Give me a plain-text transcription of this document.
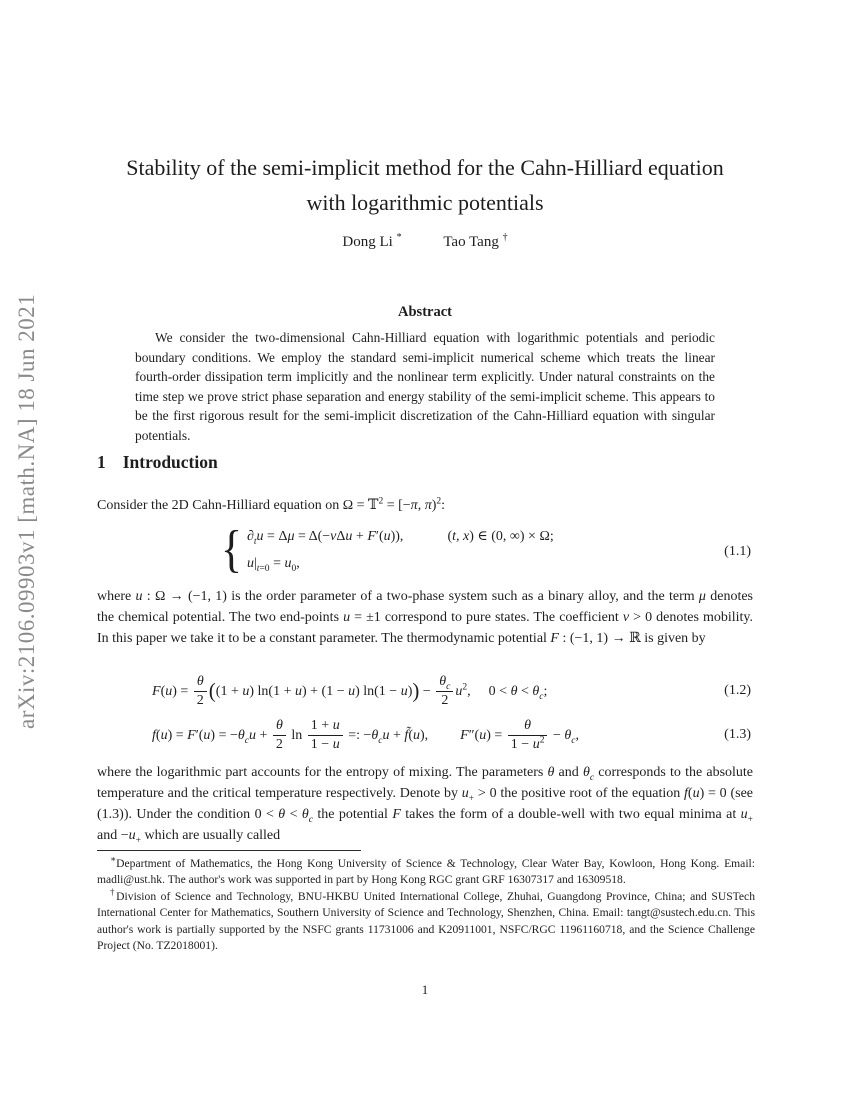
arXiv:2106.09903v1 [math.NA] 18 Jun 2021
Stability of the semi-implicit method for the Cahn-Hilliard equation
with logarithmic potentials
Dong Li *	Tao Tang †
Abstract
We consider the two-dimensional Cahn-Hilliard equation with logarithmic potentials and periodic boundary conditions. We employ the standard semi-implicit numerical scheme which treats the linear fourth-order dissipation term implicitly and the nonlinear term explicitly. Under natural constraints on the time step we prove strict phase separation and energy stability of the semi-implicit scheme. This appears to be the first rigorous result for the semi-implicit discretization of the Cahn-Hilliard equation with singular potentials.
1 Introduction
Consider the 2D Cahn-Hilliard equation on Ω = 𝕋$^2$ = [−π, π)$^2$:
{ $\partial_tu = \Delta\mu = \Delta(-\nu\Delta u + F'(u))$,	(t, x) ∈ (0, ∞) × Ω;
$u|_{t=0} = u_0$,
(1.1)
where u : Ω → (−1, 1) is the order parameter of a two-phase system such as a binary alloy, and the term μ denotes the chemical potential. The two end-points u = ±1 correspond to pure states. The coefficient ν > 0 denotes mobility. In this paper we take it to be a constant parameter. The thermodynamic potential F : (−1, 1) → ℝ is given by
$F(u) = \frac{\theta}{2} ((1 + u) \ln(1 + u) + (1 - u) \ln(1 - u)) - \frac{\theta_c}{2} u^2$, $0 < \theta < \theta_c$;	(1.2)
$f(u) = F'(u) = -\theta_cu + \frac{\theta}{2}$ $\ln \frac{1 + u}{1 - u}$ =: $-\theta_cu$ + f̃(u), $F''(u) = \frac{\theta}{1 - u^2} - \theta_c$,	(1.3)
where the logarithmic part accounts for the entropy of mixing. The parameters θ and $\theta_c$ corresponds to the absolute temperature and the critical temperature respectively. Denote by $u_+ > 0$ the positive root of the equation f(u) = 0 (see (1.3)). Under the condition $0 < \theta < \theta_c$ the potential F takes the form of a double-well with two equal minima at $u_+$ and $-u_+$ which are usually called
∗Department of Mathematics, the Hong Kong University of Science & Technology, Clear Water Bay, Kowloon, Hong Kong. Email: madli@ust.hk. The author's work was supported in part by Hong Kong RGC grant GRF 16307317 and 16309518.
†Division of Science and Technology, BNU-HKBU United International College, Zhuhai, Guangdong Province, China; and SUSTech International Center for Mathematics, Southern University of Science and Technology, Shenzhen, China. Email: tangt@sustech.edu.cn. This author's work is partially supported by the NSFC grants 11731006 and K20911001, NSFC/RGC 11961160718, and the Science Challenge Project (No. TZ2018001).
1
